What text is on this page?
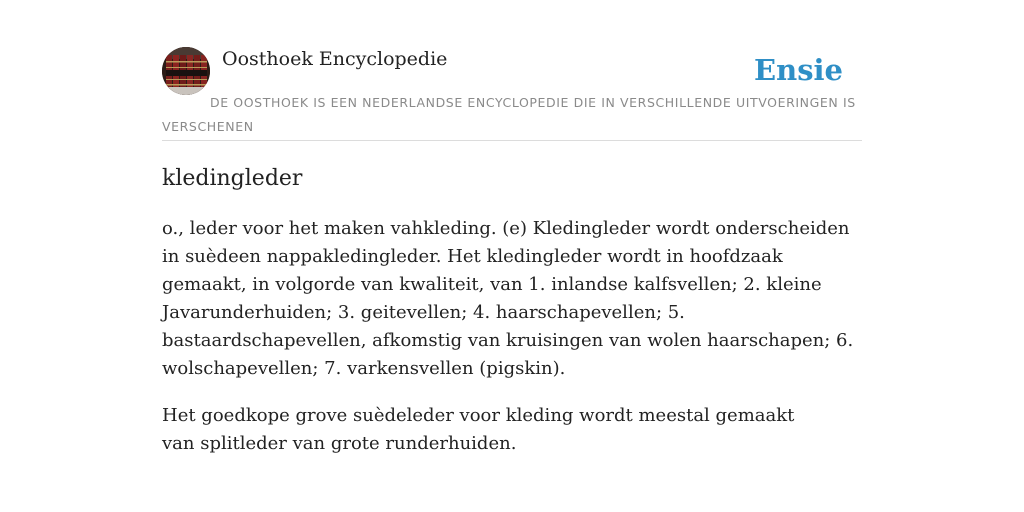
Oosthoek Encyclopedie	Ensie
DE OOSTHOEK IS EEN NEDERLANDSE ENCYCLOPEDIE DIE IN VERSCHILLENDE UITVOERINGEN IS VERSCHENEN
kledingleder

o., leder voor het maken vahkleding. (e) Kledingleder wordt onderscheiden in suèdeen nappakledingleder. Het kledingleder wordt in hoofdzaak gemaakt, in volgorde van kwaliteit, van 1. inlandse kalfsvellen; 2. kleine Javarunderhuiden; 3. geitevellen; 4. haarschapevellen; 5. bastaardschapevellen, afkomstig van kruisingen van wolen haarschapen; 6. wolschapevellen; 7. varkensvellen (pigskin).

Het goedkope grove suèdeleder voor kleding wordt meestal gemaakt van splitleder van grote runderhuiden.
